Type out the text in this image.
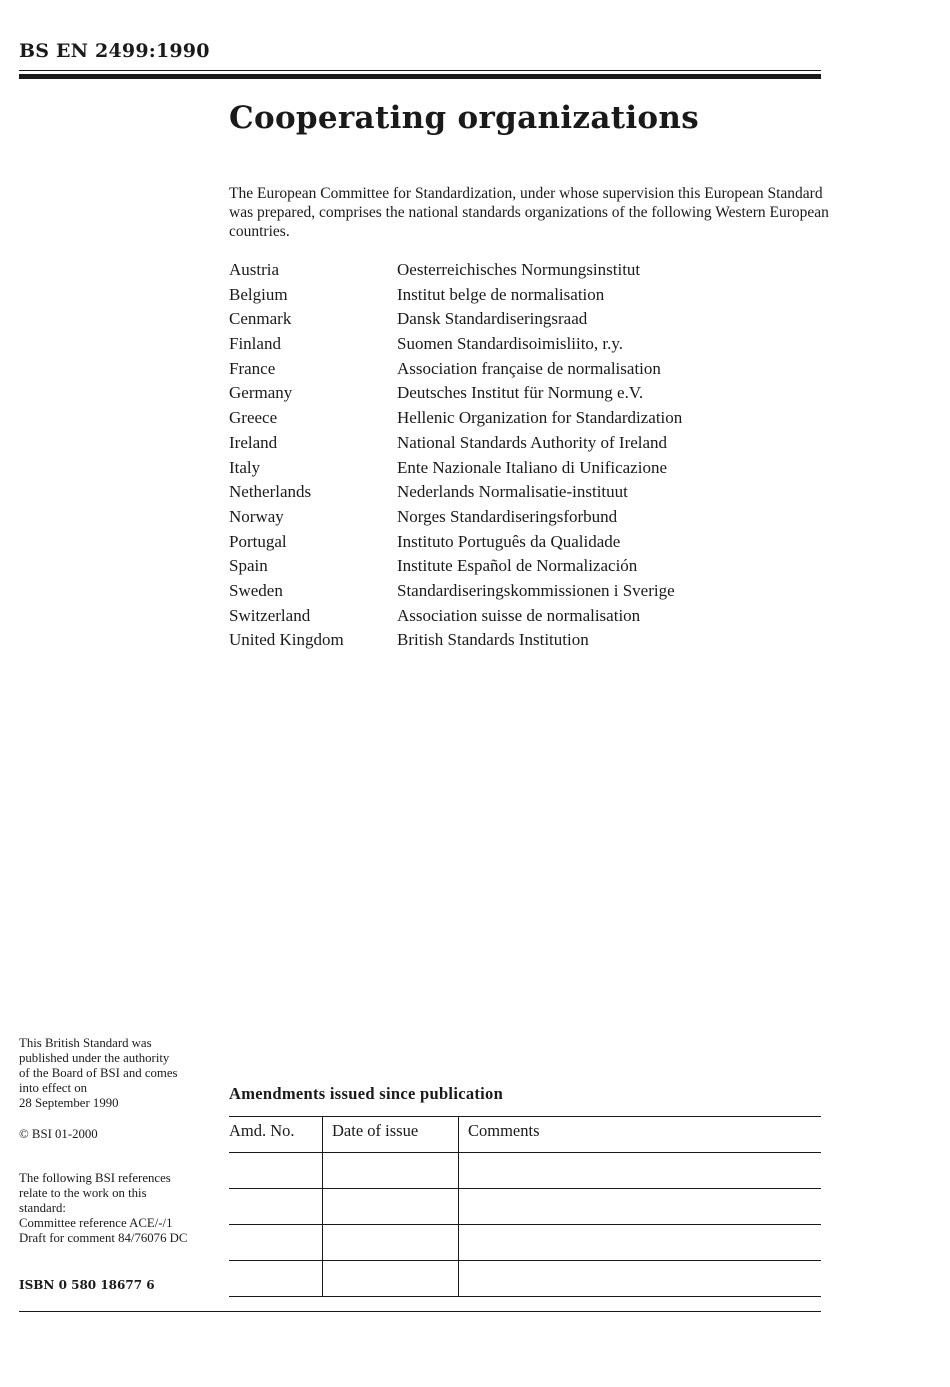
BS EN 2499:1990
Cooperating organizations

The European Committee for Standardization, under whose supervision this European Standard was prepared, comprises the national standards organizations of the following Western European countries.

Austria	Oesterreichisches Normungsinstitut
Belgium	Institut belge de normalisation
Cenmark	Dansk Standardiseringsraad
Finland	Suomen Standardisoimisliito, r.y.
France	Association française de normalisation
Germany	Deutsches Institut für Normung e.V.
Greece	Hellenic Organization for Standardization
Ireland	National Standards Authority of Ireland
Italy	Ente Nazionale Italiano di Unificazione
Netherlands	Nederlands Normalisatie-instituut
Norway	Norges Standardiseringsforbund
Portugal	Instituto Português da Qualidade
Spain	Institute Español de Normalización
Sweden	Standardiseringskommissionen i Sverige
Switzerland	Association suisse de normalisation
United Kingdom	British Standards Institution

This British Standard was
published under the authority
of the Board of BSI and comes
into effect on
28 September 1990

© BSI 01-2000

The following BSI references
relate to the work on this
standard:
Committee reference ACE/-/1
Draft for comment 84/76076 DC

ISBN 0 580 18677 6

Amendments issued since publication
Amd. No.	Date of issue	Comments
